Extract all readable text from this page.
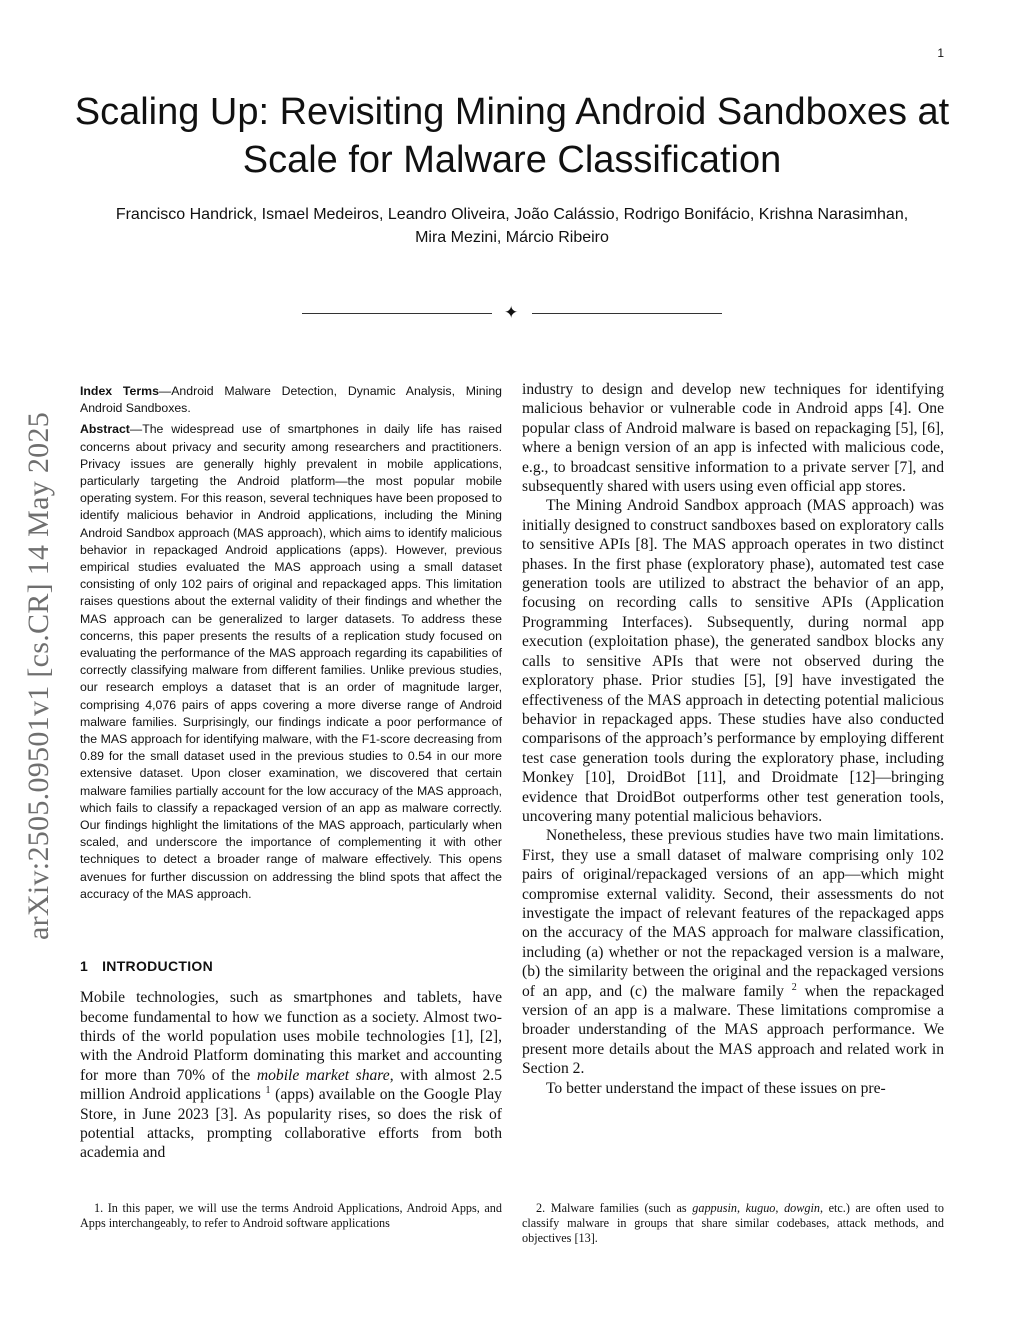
1
Scaling Up: Revisiting Mining Android Sandboxes at Scale for Malware Classification
Francisco Handrick, Ismael Medeiros, Leandro Oliveira, João Calássio, Rodrigo Bonifácio, Krishna Narasimhan, Mira Mezini, Márcio Ribeiro
✦
arXiv:2505.09501v1 [cs.CR] 14 May 2025

Index Terms—Android Malware Detection, Dynamic Analysis, Mining Android Sandboxes.

Abstract—The widespread use of smartphones in daily life has raised concerns about privacy and security among researchers and practitioners. Privacy issues are generally highly prevalent in mobile applications, particularly targeting the Android platform—the most popular mobile operating system. For this reason, several techniques have been proposed to identify malicious behavior in Android applications, including the Mining Android Sandbox approach (MAS approach), which aims to identify malicious behavior in repackaged Android applications (apps). However, previous empirical studies evaluated the MAS approach using a small dataset consisting of only 102 pairs of original and repackaged apps. This limitation raises questions about the external validity of their findings and whether the MAS approach can be generalized to larger datasets. To address these concerns, this paper presents the results of a replication study focused on evaluating the performance of the MAS approach regarding its capabilities of correctly classifying malware from different families. Unlike previous studies, our research employs a dataset that is an order of magnitude larger, comprising 4,076 pairs of apps covering a more diverse range of Android malware families. Surprisingly, our findings indicate a poor performance of the MAS approach for identifying malware, with the F1-score decreasing from 0.89 for the small dataset used in the previous studies to 0.54 in our more extensive dataset. Upon closer examination, we discovered that certain malware families partially account for the low accuracy of the MAS approach, which fails to classify a repackaged version of an app as malware correctly. Our findings highlight the limitations of the MAS approach, particularly when scaled, and underscore the importance of complementing it with other techniques to detect a broader range of malware effectively. This opens avenues for further discussion on addressing the blind spots that affect the accuracy of the MAS approach.

1 INTRODUCTION

Mobile technologies, such as smartphones and tablets, have become fundamental to how we function as a society. Almost two-thirds of the world population uses mobile technologies [1], [2], with the Android Platform dominating this market and accounting for more than 70% of the mobile market share, with almost 2.5 million Android applications $^1$ (apps) available on the Google Play Store, in June 2023 [3]. As popularity rises, so does the risk of potential attacks, prompting collaborative efforts from both academia and

industry to design and develop new techniques for identifying malicious behavior or vulnerable code in Android apps [4]. One popular class of Android malware is based on repackaging [5], [6], where a benign version of an app is infected with malicious code, e.g., to broadcast sensitive information to a private server [7], and subsequently shared with users using even official app stores.

The Mining Android Sandbox approach (MAS approach) was initially designed to construct sandboxes based on exploratory calls to sensitive APIs [8]. The MAS approach operates in two distinct phases. In the first phase (exploratory phase), automated test case generation tools are utilized to abstract the behavior of an app, focusing on recording calls to sensitive APIs (Application Programming Interfaces). Subsequently, during normal app execution (exploitation phase), the generated sandbox blocks any calls to sensitive APIs that were not observed during the exploratory phase. Prior studies [5], [9] have investigated the effectiveness of the MAS approach in detecting potential malicious behavior in repackaged apps. These studies have also conducted comparisons of the approach’s performance by employing different test case generation tools during the exploratory phase, including Monkey [10], DroidBot [11], and Droidmate [12]—bringing evidence that DroidBot outperforms other test generation tools, uncovering many potential malicious behaviors.

Nonetheless, these previous studies have two main limitations. First, they use a small dataset of malware comprising only 102 pairs of original/repackaged versions of an app—which might compromise external validity. Second, their assessments do not investigate the impact of relevant features of the repackaged apps on the accuracy of the MAS approach for malware classification, including (a) whether or not the repackaged version is a malware, (b) the similarity between the original and the repackaged versions of an app, and (c) the malware family $^2$ when the repackaged version of an app is a malware. These limitations compromise a broader understanding of the MAS approach performance. We present more details about the MAS approach and related work in Section 2.

To better understand the impact of these issues on pre-

1. In this paper, we will use the terms Android Applications, Android Apps, and Apps interchangeably, to refer to Android software applications
2. Malware families (such as gappusin, kuguo, dowgin, etc.) are often used to classify malware in groups that share similar codebases, attack methods, and objectives [13].
